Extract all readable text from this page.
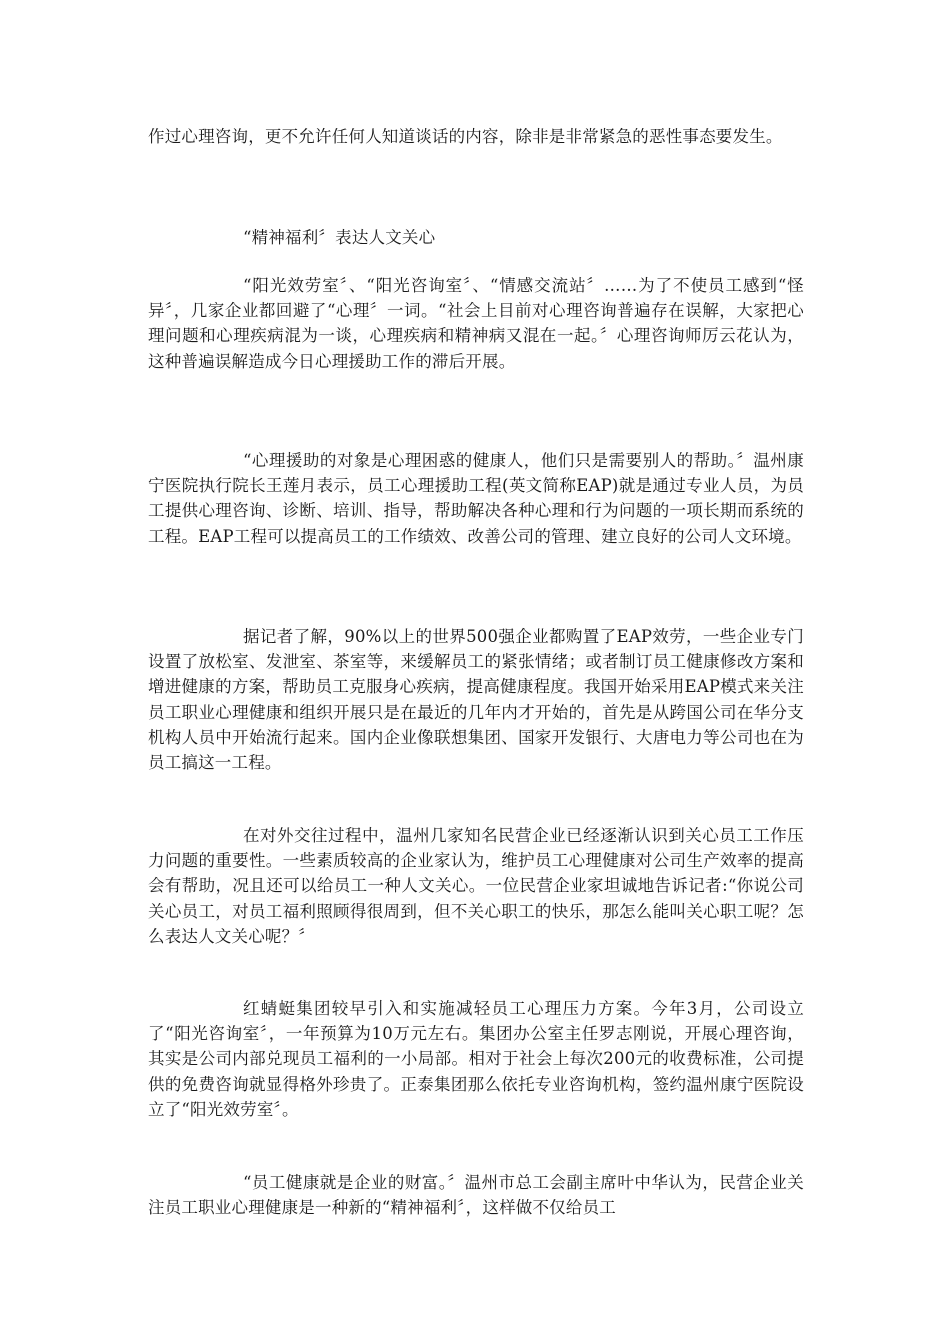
作过心理咨询，更不允许任何人知道谈话的内容，除非是非常紧急的恶性事态要发生。

“精神福利〞表达人文关心

“阳光效劳室〞、“阳光咨询室〞、“情感交流站〞……为了不使员工感到“怪异〞，几家企业都回避了“心理〞一词。“社会上目前对心理咨询普遍存在误解，大家把心理问题和心理疾病混为一谈，心理疾病和精神病又混在一起。〞心理咨询师厉云花认为，这种普遍误解造成今日心理援助工作的滞后开展。

“心理援助的对象是心理困惑的健康人，他们只是需要别人的帮助。〞温州康宁医院执行院长王莲月表示，员工心理援助工程(英文简称EAP)就是通过专业人员，为员工提供心理咨询、诊断、培训、指导，帮助解决各种心理和行为问题的一项长期而系统的工程。EAP工程可以提高员工的工作绩效、改善公司的管理、建立良好的公司人文环境。

据记者了解，90%以上的世界500强企业都购置了EAP效劳，一些企业专门设置了放松室、发泄室、茶室等，来缓解员工的紧张情绪；或者制订员工健康修改方案和增进健康的方案，帮助员工克服身心疾病，提高健康程度。我国开始采用EAP模式来关注员工职业心理健康和组织开展只是在最近的几年内才开始的，首先是从跨国公司在华分支机构人员中开始流行起来。国内企业像联想集团、国家开发银行、大唐电力等公司也在为员工搞这一工程。

在对外交往过程中，温州几家知名民营企业已经逐渐认识到关心员工工作压力问题的重要性。一些素质较高的企业家认为，维护员工心理健康对公司生产效率的提高会有帮助，况且还可以给员工一种人文关心。一位民营企业家坦诚地告诉记者:“你说公司关心员工，对员工福利照顾得很周到，但不关心职工的快乐，那怎么能叫关心职工呢？怎么表达人文关心呢？〞

红蜻蜓集团较早引入和实施减轻员工心理压力方案。今年3月，公司设立了“阳光咨询室〞，一年预算为10万元左右。集团办公室主任罗志刚说，开展心理咨询，其实是公司内部兑现员工福利的一小局部。相对于社会上每次200元的收费标准，公司提供的免费咨询就显得格外珍贵了。正泰集团那么依托专业咨询机构，签约温州康宁医院设立了“阳光效劳室〞。

“员工健康就是企业的财富。〞温州市总工会副主席叶中华认为，民营企业关注员工职业心理健康是一种新的“精神福利〞，这样做不仅给员工
